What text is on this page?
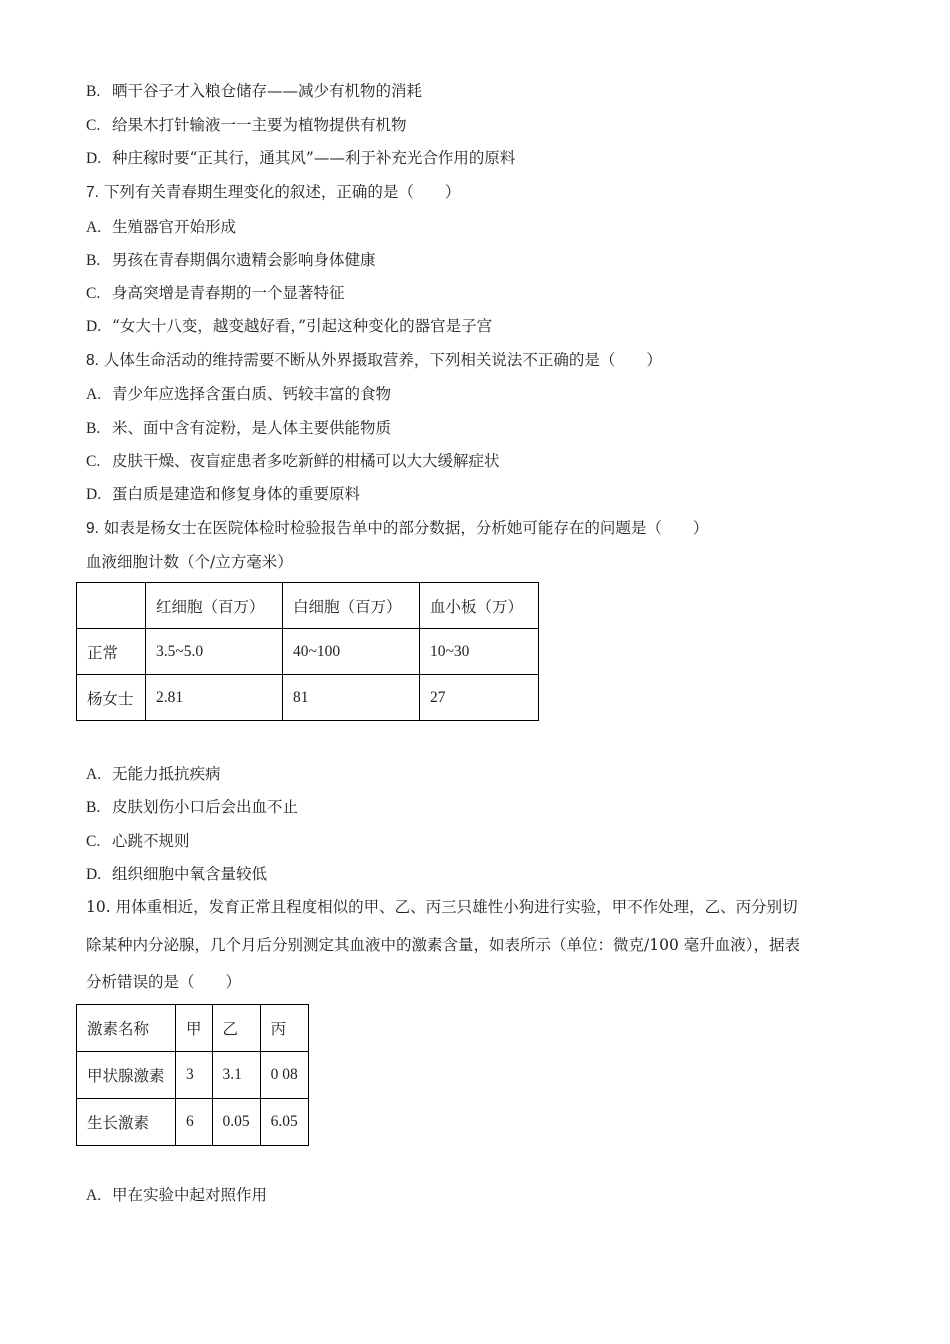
B. 晒干谷子才入粮仓储存——减少有机物的消耗
C. 给果木打针输液一一主要为植物提供有机物
D. 种庄稼时要“正其行，通其风”——利于补充光合作用的原料
7. 下列有关青春期生理变化的叙述，正确的是（　　）
A. 生殖器官开始形成
B. 男孩在青春期偶尔遗精会影响身体健康
C. 身高突增是青春期的一个显著特征
D. “女大十八变，越变越好看，”引起这种变化的器官是子宫
8. 人体生命活动的维持需要不断从外界摄取营养，下列相关说法不正确的是（　　）
A. 青少年应选择含蛋白质、钙较丰富的食物
B. 米、面中含有淀粉，是人体主要供能物质
C. 皮肤干燥、夜盲症患者多吃新鲜的柑橘可以大大缓解症状
D. 蛋白质是建造和修复身体的重要原料
9. 如表是杨女士在医院体检时检验报告单中的部分数据，分析她可能存在的问题是（　　）
血液细胞计数（个/立方毫米）
	红细胞（百万）	白细胞（百万）	血小板（万）
正常	3.5~5.0	40~100	10~30
杨女士	2.81	81	27
A. 无能力抵抗疾病
B. 皮肤划伤小口后会出血不止
C. 心跳不规则
D. 组织细胞中氧含量较低
10. 用体重相近，发育正常且程度相似的甲、乙、丙三只雄性小狗进行实验，甲不作处理，乙、丙分别切
除某种内分泌腺，几个月后分别测定其血液中的激素含量，如表所示（单位：微克/100 毫升血液），据表
分析错误的是（　　）
激素名称	甲	乙	丙
甲状腺激素	3	3.1	0 08
生长激素	6	0.05	6.05
A. 甲在实验中起对照作用
